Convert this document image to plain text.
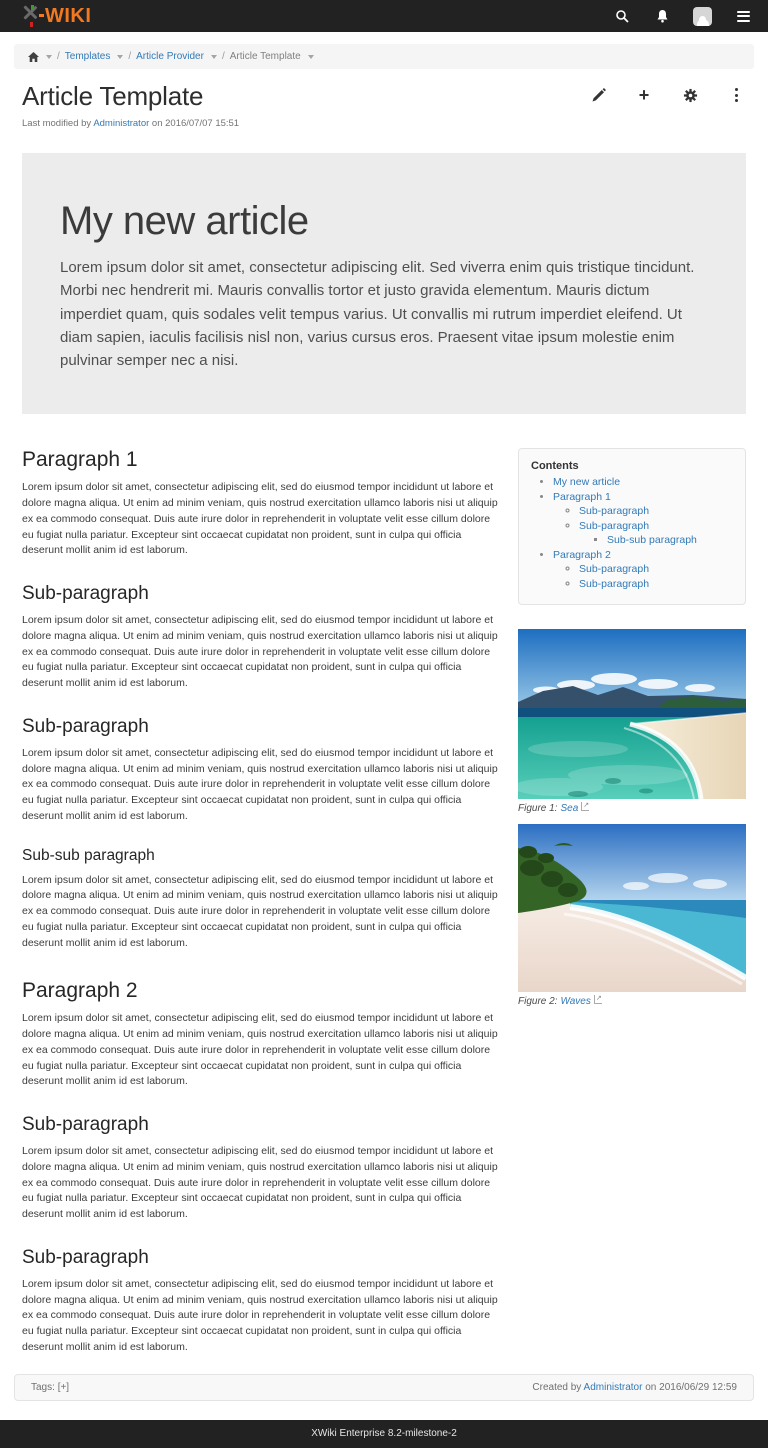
WIKI
/ Templates / Article Provider / Article Template
Article Template	+
Last modified by Administrator on 2016/07/07 15:51
My new article

Lorem ipsum dolor sit amet, consectetur adipiscing elit. Sed viverra enim quis tristique tincidunt. Morbi nec hendrerit mi. Mauris convallis tortor et justo gravida elementum. Mauris dictum imperdiet quam, quis sodales velit tempus varius. Ut convallis mi rutrum imperdiet eleifend. Ut diam sapien, iaculis facilisis nisl non, varius cursus eros. Praesent vitae ipsum molestie enim pulvinar semper nec a nisi.

Paragraph 1

Lorem ipsum dolor sit amet, consectetur adipiscing elit, sed do eiusmod tempor incididunt ut labore et dolore magna aliqua. Ut enim ad minim veniam, quis nostrud exercitation ullamco laboris nisi ut aliquip ex ea commodo consequat. Duis aute irure dolor in reprehenderit in voluptate velit esse cillum dolore eu fugiat nulla pariatur. Excepteur sint occaecat cupidatat non proident, sunt in culpa qui officia deserunt mollit anim id est laborum.

Sub-paragraph

Lorem ipsum dolor sit amet, consectetur adipiscing elit, sed do eiusmod tempor incididunt ut labore et dolore magna aliqua. Ut enim ad minim veniam, quis nostrud exercitation ullamco laboris nisi ut aliquip ex ea commodo consequat. Duis aute irure dolor in reprehenderit in voluptate velit esse cillum dolore eu fugiat nulla pariatur. Excepteur sint occaecat cupidatat non proident, sunt in culpa qui officia deserunt mollit anim id est laborum.

Sub-paragraph

Lorem ipsum dolor sit amet, consectetur adipiscing elit, sed do eiusmod tempor incididunt ut labore et dolore magna aliqua. Ut enim ad minim veniam, quis nostrud exercitation ullamco laboris nisi ut aliquip ex ea commodo consequat. Duis aute irure dolor in reprehenderit in voluptate velit esse cillum dolore eu fugiat nulla pariatur. Excepteur sint occaecat cupidatat non proident, sunt in culpa qui officia deserunt mollit anim id est laborum.

Sub-sub paragraph

Lorem ipsum dolor sit amet, consectetur adipiscing elit, sed do eiusmod tempor incididunt ut labore et dolore magna aliqua. Ut enim ad minim veniam, quis nostrud exercitation ullamco laboris nisi ut aliquip ex ea commodo consequat. Duis aute irure dolor in reprehenderit in voluptate velit esse cillum dolore eu fugiat nulla pariatur. Excepteur sint occaecat cupidatat non proident, sunt in culpa qui officia deserunt mollit anim id est laborum.

Paragraph 2

Lorem ipsum dolor sit amet, consectetur adipiscing elit, sed do eiusmod tempor incididunt ut labore et dolore magna aliqua. Ut enim ad minim veniam, quis nostrud exercitation ullamco laboris nisi ut aliquip ex ea commodo consequat. Duis aute irure dolor in reprehenderit in voluptate velit esse cillum dolore eu fugiat nulla pariatur. Excepteur sint occaecat cupidatat non proident, sunt in culpa qui officia deserunt mollit anim id est laborum.

Sub-paragraph

Lorem ipsum dolor sit amet, consectetur adipiscing elit, sed do eiusmod tempor incididunt ut labore et dolore magna aliqua. Ut enim ad minim veniam, quis nostrud exercitation ullamco laboris nisi ut aliquip ex ea commodo consequat. Duis aute irure dolor in reprehenderit in voluptate velit esse cillum dolore eu fugiat nulla pariatur. Excepteur sint occaecat cupidatat non proident, sunt in culpa qui officia deserunt mollit anim id est laborum.

Sub-paragraph

Lorem ipsum dolor sit amet, consectetur adipiscing elit, sed do eiusmod tempor incididunt ut labore et dolore magna aliqua. Ut enim ad minim veniam, quis nostrud exercitation ullamco laboris nisi ut aliquip ex ea commodo consequat. Duis aute irure dolor in reprehenderit in voluptate velit esse cillum dolore eu fugiat nulla pariatur. Excepteur sint occaecat cupidatat non proident, sunt in culpa qui officia deserunt mollit anim id est laborum.

Contents
• My new article
• Paragraph 1
◦ Sub-paragraph
◦ Sub-paragraph
▪ Sub-sub paragraph
• Paragraph 2
◦ Sub-paragraph
◦ Sub-paragraph
Figure 1: Sea ↗
Figure 2: Waves ↗
Tags: [+]	Created by Administrator on 2016/06/29 12:59
XWiki Enterprise 8.2-milestone-2
